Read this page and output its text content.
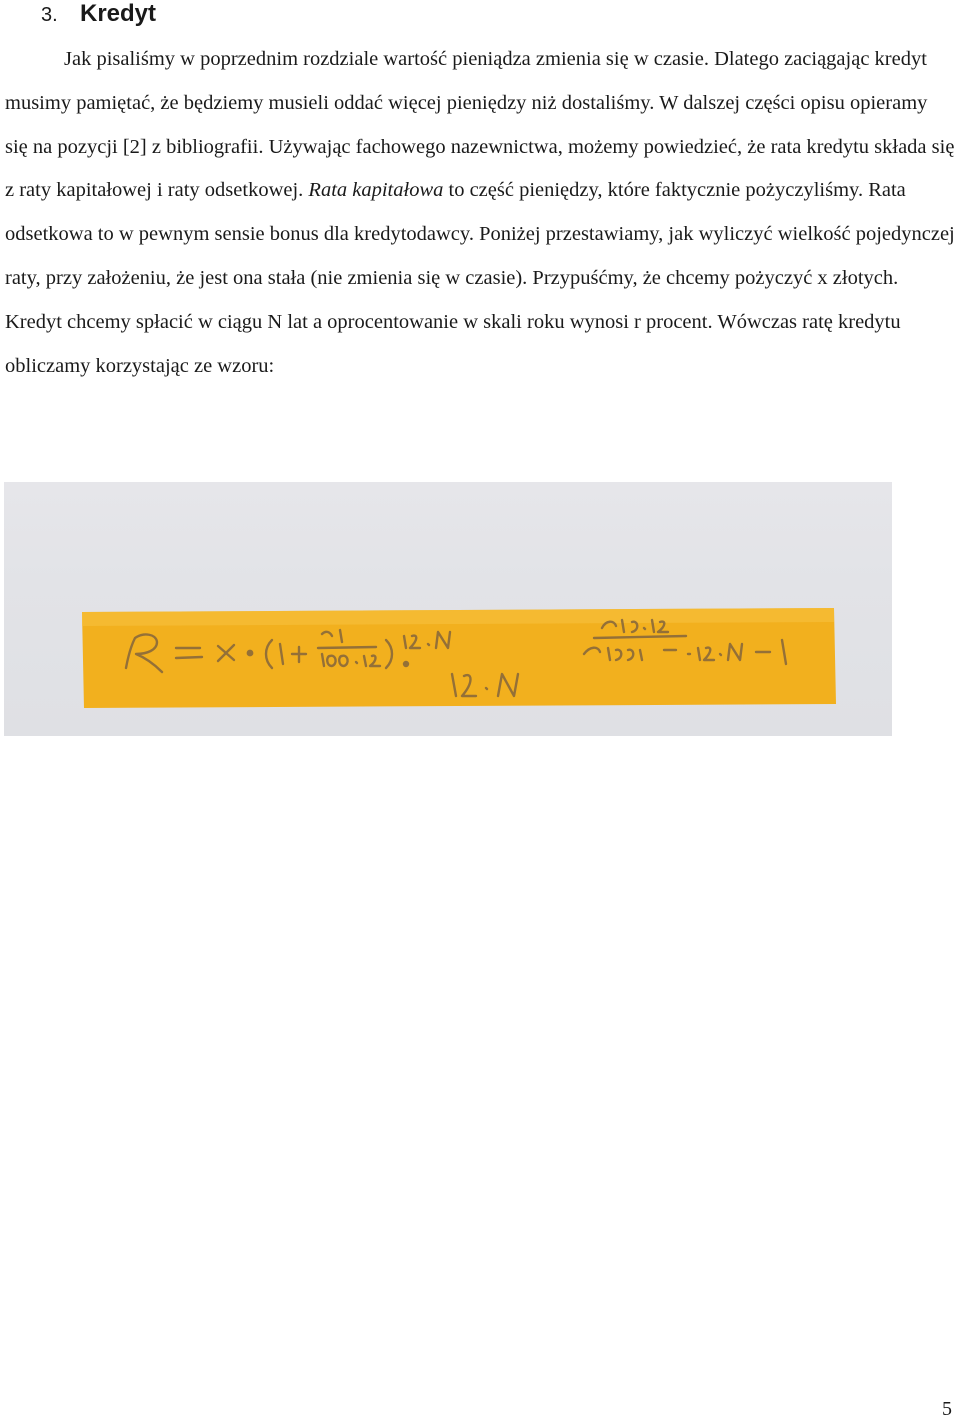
3. Kredyt

Jak pisaliśmy w poprzednim rozdziale wartość pieniądza zmienia się w czasie. Dlatego zaciągając kredyt musimy pamiętać, że będziemy musieli oddać więcej pieniędzy niż dostaliśmy. W dalszej części opisu opieramy się na pozycji [2] z bibliografii. Używając fachowego nazewnictwa, możemy powiedzieć, że rata kredytu składa się z raty kapitałowej i raty odsetkowej. Rata kapitałowa to część pieniędzy, które faktycznie pożyczyliśmy. Rata odsetkowa to w pewnym sensie bonus dla kredytodawcy. Poniżej przestawiamy, jak wyliczyć wielkość pojedynczej raty, przy założeniu, że jest ona stała (nie zmienia się w czasie). Przypuśćmy, że chcemy pożyczyć x złotych. Kredyt chcemy spłacić w ciągu N lat a oprocentowanie w skali roku wynosi r procent. Wówczas ratę kredytu obliczamy korzystając ze wzoru:

5
